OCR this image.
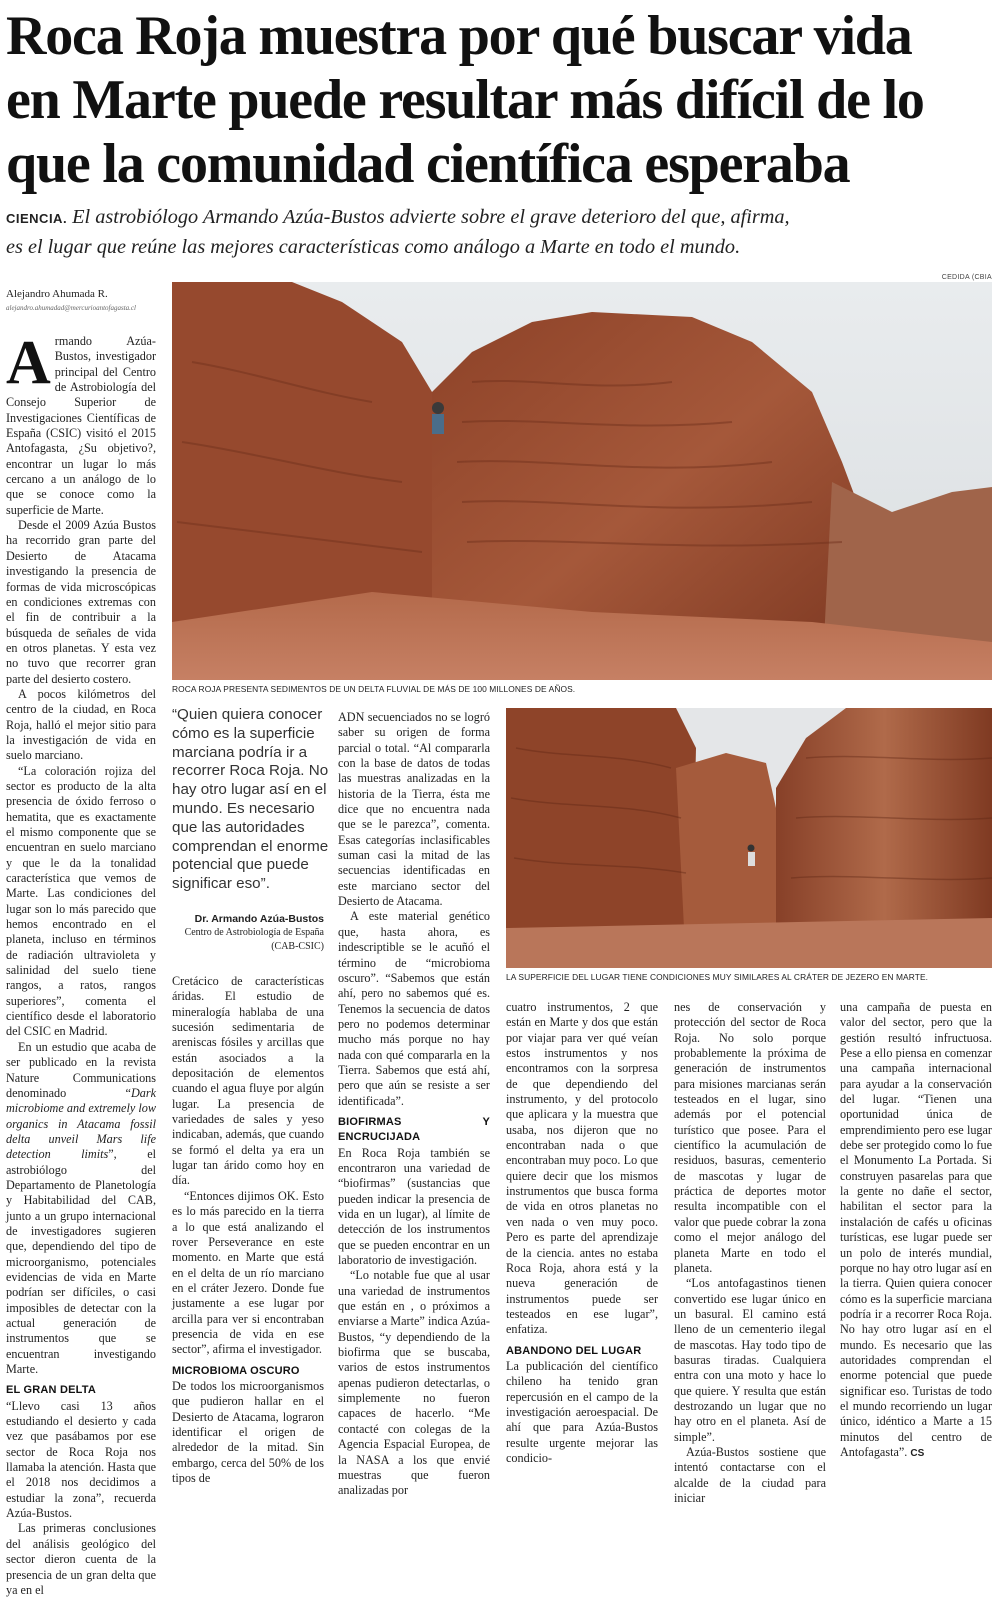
Roca Roja muestra por qué buscar vida
en Marte puede resultar más difícil de lo
que la comunidad científica esperaba
CIENCIA. El astrobiólogo Armando Azúa-Bustos advierte sobre el grave deterioro del que, afirma,
es el lugar que reúne las mejores características como análogo a Marte en todo el mundo.
CEDIDA (CBIA
Alejandro Ahumada R.
alejandro.ahumadad@mercurioantofagasta.cl
ROCA ROJA PRESENTA SEDIMENTOS DE UN DELTA FLUVIAL DE MÁS DE 100 MILLONES DE AÑOS.
LA SUPERFICIE DEL LUGAR TIENE CONDICIONES MUY SIMILARES AL CRÁTER DE JEZERO EN MARTE.

Armando Azúa-Bustos, investigador principal del Centro de Astrobiología del Consejo Superior de Investigaciones Científicas de España (CSIC) visitó el 2015 Antofagasta, ¿Su objetivo?, encontrar un lugar lo más cercano a un análogo de lo que se conoce como la superficie de Marte.

Desde el 2009 Azúa Bustos ha recorrido gran parte del Desierto de Atacama investigando la presencia de formas de vida microscópicas en condiciones extremas con el fin de contribuir a la búsqueda de señales de vida en otros planetas. Y esta vez no tuvo que recorrer gran parte del desierto costero.

A pocos kilómetros del centro de la ciudad, en Roca Roja, halló el mejor sitio para la investigación de vida en suelo marciano.

“La coloración rojiza del sector es producto de la alta presencia de óxido ferroso o hematita, que es exactamente el mismo componente que se encuentran en suelo marciano y que le da la tonalidad característica que vemos de Marte. Las condiciones del lugar son lo más parecido que hemos encontrado en el planeta, incluso en términos de radiación ultravioleta y salinidad del suelo tiene rangos, a ratos, rangos superiores”, comenta el científico desde el laboratorio del CSIC en Madrid.

En un estudio que acaba de ser publicado en la revista Nature Communications denominado “Dark microbiome and extremely low organics in Atacama fossil delta unveil Mars life detection limits”, el astrobiólogo del Departamento de Planetología y Habitabilidad del CAB, junto a un grupo internacional de investigadores sugieren que, dependiendo del tipo de microorganismo, potenciales evidencias de vida en Marte podrían ser difíciles, o casi imposibles de detectar con la actual generación de instrumentos que se encuentran investigando Marte.

EL GRAN DELTA

“Llevo casi 13 años estudiando el desierto y cada vez que pasábamos por ese sector de Roca Roja nos llamaba la atención. Hasta que el 2018 nos decidimos a estudiar la zona”, recuerda Azúa-Bustos.

Las primeras conclusiones del análisis geológico del sector dieron cuenta de la presencia de un gran delta que ya en el

“Quien quiera conocer cómo es la superficie marciana podría ir a recorrer Roca Roja. No hay otro lugar así en el mundo. Es necesario que las autoridades comprendan el enorme potencial que puede significar eso”.
Dr. Armando Azúa-Bustos
Centro de Astrobiología de España (CAB-CSIC)

Cretácico de características áridas. El estudio de mineralogía hablaba de una sucesión sedimentaria de areniscas fósiles y arcillas que están asociados a la depositación de elementos cuando el agua fluye por algún lugar. La presencia de variedades de sales y yeso indicaban, además, que cuando se formó el delta ya era un lugar tan árido como hoy en día.

“Entonces dijimos OK. Esto es lo más parecido en la tierra a lo que está analizando el rover Perseverance en este momento. en Marte que está en el delta de un río marciano en el cráter Jezero. Donde fue justamente a ese lugar por arcilla para ver si encontraban presencia de vida en ese sector”, afirma el investigador.

MICROBIOMA OSCURO

De todos los microorganismos que pudieron hallar en el Desierto de Atacama, lograron identificar el origen de alrededor de la mitad. Sin embargo, cerca del 50% de los tipos de

ADN secuenciados no se logró saber su origen de forma parcial o total. “Al compararla con la base de datos de todas las muestras analizadas en la historia de la Tierra, ésta me dice que no encuentra nada que se le parezca”, comenta. Esas categorías inclasificables suman casi la mitad de las secuencias identificadas en este marciano sector del Desierto de Atacama.

A este material genético que, hasta ahora, es indescriptible se le acuñó el término de “microbioma oscuro”. “Sabemos que están ahí, pero no sabemos qué es. Tenemos la secuencia de datos pero no podemos determinar mucho más porque no hay nada con qué compararla en la Tierra. Sabemos que está ahí, pero que aún se resiste a ser identificada”.

BIOFIRMAS Y ENCRUCIJADA

En Roca Roja también se encontraron una variedad de “biofirmas” (sustancias que pueden indicar la presencia de vida en un lugar), al límite de detección de los instrumentos que se pueden encontrar en un laboratorio de investigación.

“Lo notable fue que al usar una variedad de instrumentos que están en , o próximos a enviarse a Marte” indica Azúa-Bustos, “y dependiendo de la biofirma que se buscaba, varios de estos instrumentos apenas pudieron detectarlas, o simplemente no fueron capaces de hacerlo. “Me contacté con colegas de la Agencia Espacial Europea, de la NASA a los que envié muestras que fueron analizadas por

cuatro instrumentos, 2 que están en Marte y dos que están por viajar para ver qué veían estos instrumentos y nos encontramos con la sorpresa de que dependiendo del instrumento, y del protocolo que aplicara y la muestra que usaba, nos dijeron que no encontraban nada o que encontraban muy poco. Lo que quiere decir que los mismos instrumentos que busca forma de vida en otros planetas no ven nada o ven muy poco. Pero es parte del aprendizaje de la ciencia. antes no estaba Roca Roja, ahora está y la nueva generación de instrumentos puede ser testeados en ese lugar”, enfatiza.

ABANDONO DEL LUGAR

La publicación del científico chileno ha tenido gran repercusión en el campo de la investigación aeroespacial. De ahí que para Azúa-Bustos resulte urgente mejorar las condicio-

nes de conservación y protección del sector de Roca Roja. No solo porque probablemente la próxima de generación de instrumentos para misiones marcianas serán testeados en el lugar, sino además por el potencial turístico que posee. Para el científico la acumulación de residuos, basuras, cementerio de mascotas y lugar de práctica de deportes motor resulta incompatible con el valor que puede cobrar la zona como el mejor análogo del planeta Marte en todo el planeta.

“Los antofagastinos tienen convertido ese lugar único en un basural. El camino está lleno de un cementerio ilegal de mascotas. Hay todo tipo de basuras tiradas. Cualquiera entra con una moto y hace lo que quiere. Y resulta que están destrozando un lugar que no hay otro en el planeta. Así de simple”.

Azúa-Bustos sostiene que intentó contactarse con el alcalde de la ciudad para iniciar

una campaña de puesta en valor del sector, pero que la gestión resultó infructuosa. Pese a ello piensa en comenzar una campaña internacional para ayudar a la conservación del lugar. “Tienen una oportunidad única de emprendimiento pero ese lugar debe ser protegido como lo fue el Monumento La Portada. Si construyen pasarelas para que la gente no dañe el sector, habilitan el sector para la instalación de cafés u oficinas turísticas, ese lugar puede ser un polo de interés mundial, porque no hay otro lugar así en la tierra. Quien quiera conocer cómo es la superficie marciana podría ir a recorrer Roca Roja. No hay otro lugar así en el mundo. Es necesario que las autoridades comprendan el enorme potencial que puede significar eso. Turistas de todo el mundo recorriendo un lugar único, idéntico a Marte a 15 minutos del centro de Antofagasta”. CS
